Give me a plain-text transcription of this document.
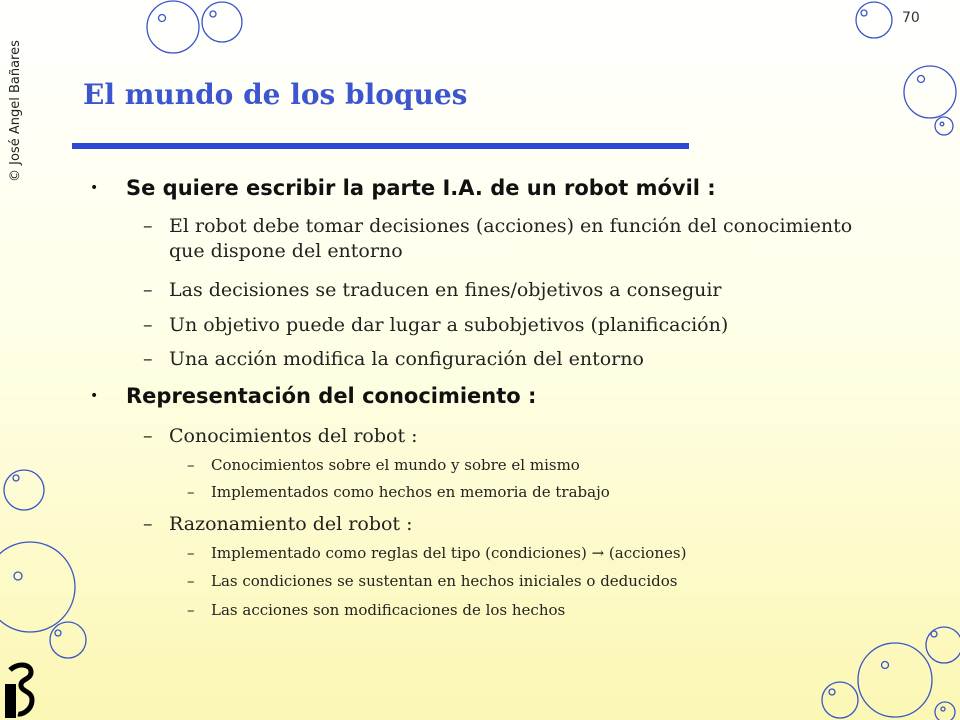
© José Angel Bañares
70
El mundo de los bloques
• Se quiere escribir la parte I.A. de un robot móvil :
– El robot debe tomar decisiones (acciones) en función del conocimiento que dispone del entorno
– Las decisiones se traducen en fines/objetivos a conseguir
– Un objetivo puede dar lugar a subobjetivos (planificación)
– Una acción modifica la configuración del entorno
• Representación del conocimiento :
– Conocimientos del robot :
– Conocimientos sobre el mundo y sobre el mismo
– Implementados como hechos en memoria de trabajo
– Razonamiento del robot :
– Implementado como reglas del tipo (condiciones) → (acciones)
– Las condiciones se sustentan en hechos iniciales o deducidos
– Las acciones son modificaciones de los hechos
